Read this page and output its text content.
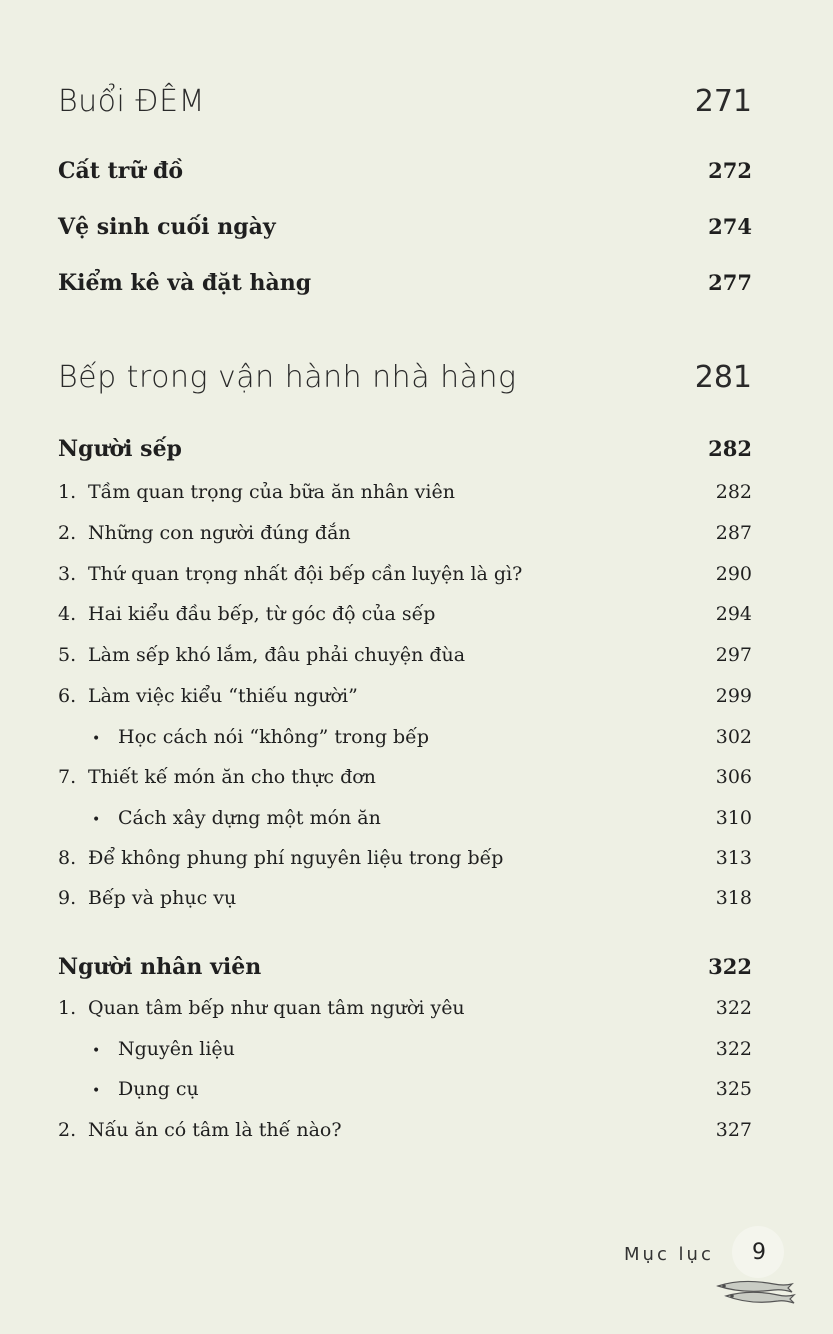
Buổi ĐÊM	271
Cất trữ đồ	272
Vệ sinh cuối ngày	274
Kiểm kê và đặt hàng	277
Bếp trong vận hành nhà hàng	281
Người sếp	282
1. Tầm quan trọng của bữa ăn nhân viên	282
2. Những con người đúng đắn	287
3. Thứ quan trọng nhất đội bếp cần luyện là gì?	290
4. Hai kiểu đầu bếp, từ góc độ của sếp	294
5. Làm sếp khó lắm, đâu phải chuyện đùa	297
6. Làm việc kiểu “thiếu người”	299
• Học cách nói “không” trong bếp	302
7. Thiết kế món ăn cho thực đơn	306
• Cách xây dựng một món ăn	310
8. Để không phung phí nguyên liệu trong bếp	313
9. Bếp và phục vụ	318
Người nhân viên	322
1. Quan tâm bếp như quan tâm người yêu	322
• Nguyên liệu	322
• Dụng cụ	325
2. Nấu ăn có tâm là thế nào?	327
Mục lục 9
